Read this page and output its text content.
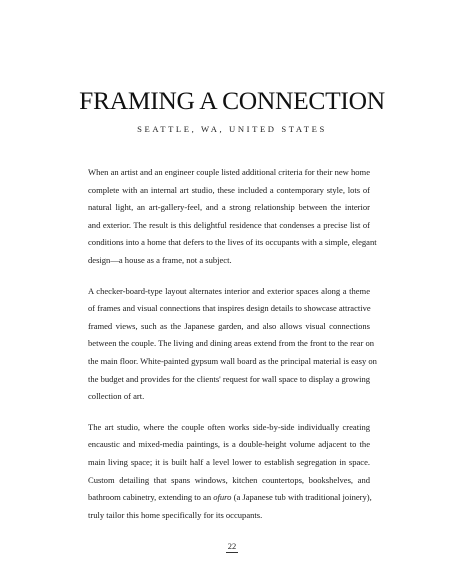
FRAMING A CONNECTION
SEATTLE, WA, UNITED STATES

When an artist and an engineer couple listed additional criteria for their new home
complete with an internal art studio, these included a contemporary style, lots of
natural light, an art-gallery-feel, and a strong relationship between the interior
and exterior. The result is this delightful residence that condenses a precise list of
conditions into a home that defers to the lives of its occupants with a simple, elegant
design—a house as a frame, not a subject.

A checker-board-type layout alternates interior and exterior spaces along a theme
of frames and visual connections that inspires design details to showcase attractive
framed views, such as the Japanese garden, and also allows visual connections
between the couple. The living and dining areas extend from the front to the rear on
the main floor. White-painted gypsum wall board as the principal material is easy on
the budget and provides for the clients' request for wall space to display a growing
collection of art.

The art studio, where the couple often works side-by-side individually creating
encaustic and mixed-media paintings, is a double-height volume adjacent to the
main living space; it is built half a level lower to establish segregation in space.
Custom detailing that spans windows, kitchen countertops, bookshelves, and
bathroom cabinetry, extending to an ofuro (a Japanese tub with traditional joinery),
truly tailor this home specifically for its occupants.

22
